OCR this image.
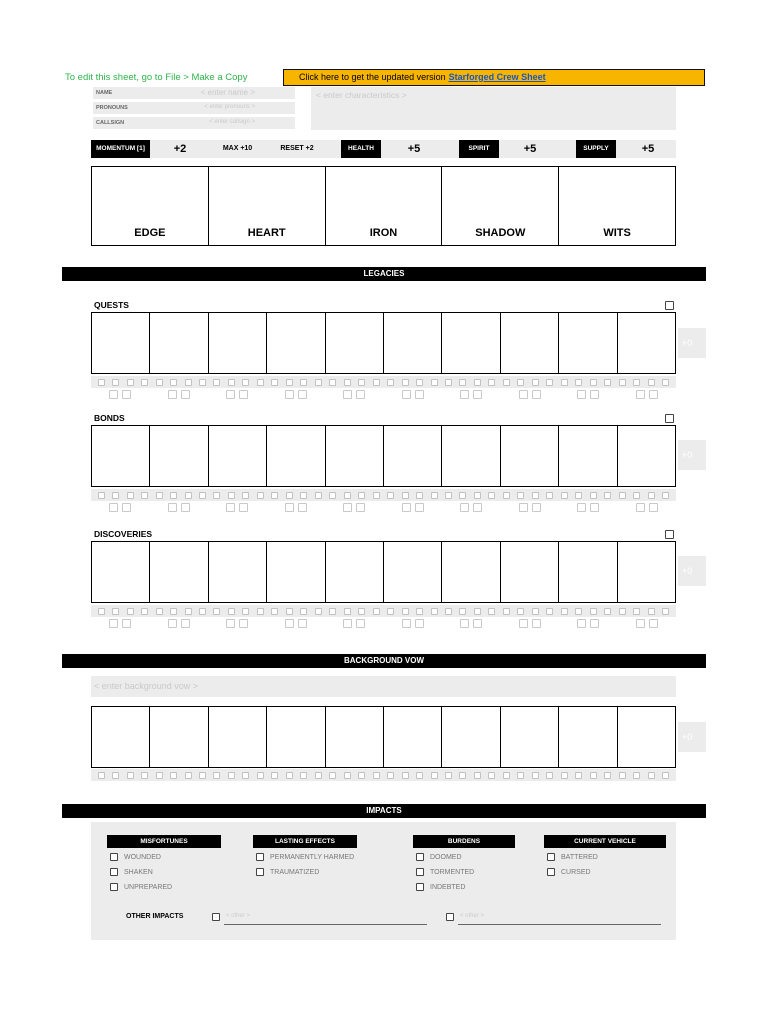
To edit this sheet, go to File > Make a Copy	Click here to get the updated version Starforged Crew Sheet
NAME	< enter name >
PRONOUNS	< enter pronouns >
CALLSIGN	< enter callsign >
< enter characteristics >
MOMENTUM [1]	+2	MAX +10	RESET +2	HEALTH	+5	SPIRIT	+5	SUPPLY	+5
EDGE	HEART	IRON	SHADOW	WITS
LEGACIES
QUESTS
+0
BONDS
+0
DISCOVERIES
+0
BACKGROUND VOW
< enter background vow >
+0
IMPACTS
MISFORTUNES
WOUNDED
SHAKEN
UNPREPARED
LASTING EFFECTS
PERMANENTLY HARMED
TRAUMATIZED
BURDENS
DOOMED
TORMENTED
INDEBTED
CURRENT VEHICLE
BATTERED
CURSED
OTHER IMPACTS	< other >	< other >
